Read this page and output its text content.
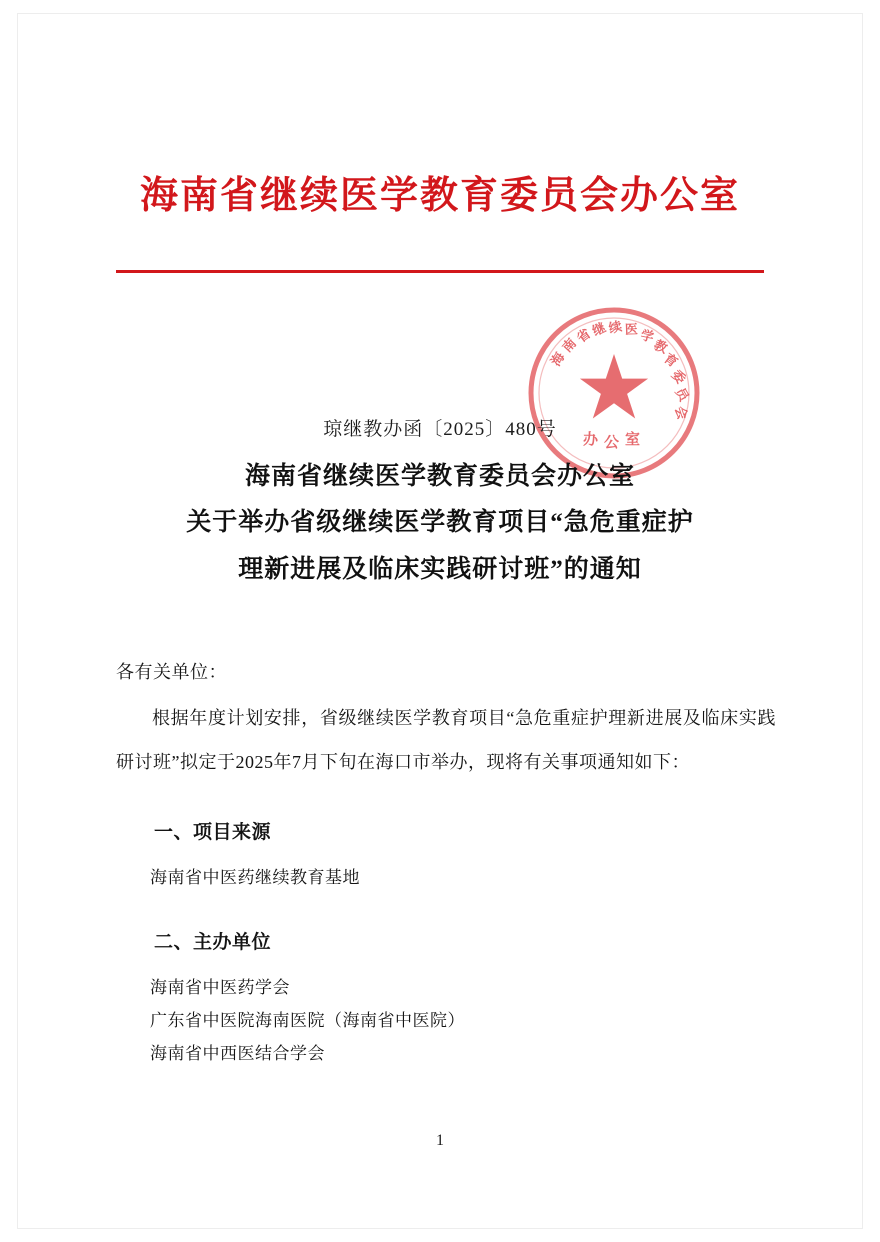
海南省继续医学教育委员会办公室
海
南
省
继 续 医 学
教
育
委
员
会
办 公 室
琼继教办函〔2025〕480号
海南省继续医学教育委员会办公室
关于举办省级继续医学教育项目“急危重症护
理新进展及临床实践研讨班”的通知

各有关单位：

根据年度计划安排，省级继续医学教育项目“急危重症护理新进展及临床实践研讨班”拟定于2025年7月下旬在海口市举办，现将有关事项通知如下：

一、项目来源

海南省中医药继续教育基地

二、主办单位

海南省中医药学会
广东省中医院海南医院（海南省中医院）
海南省中西医结合学会

1
